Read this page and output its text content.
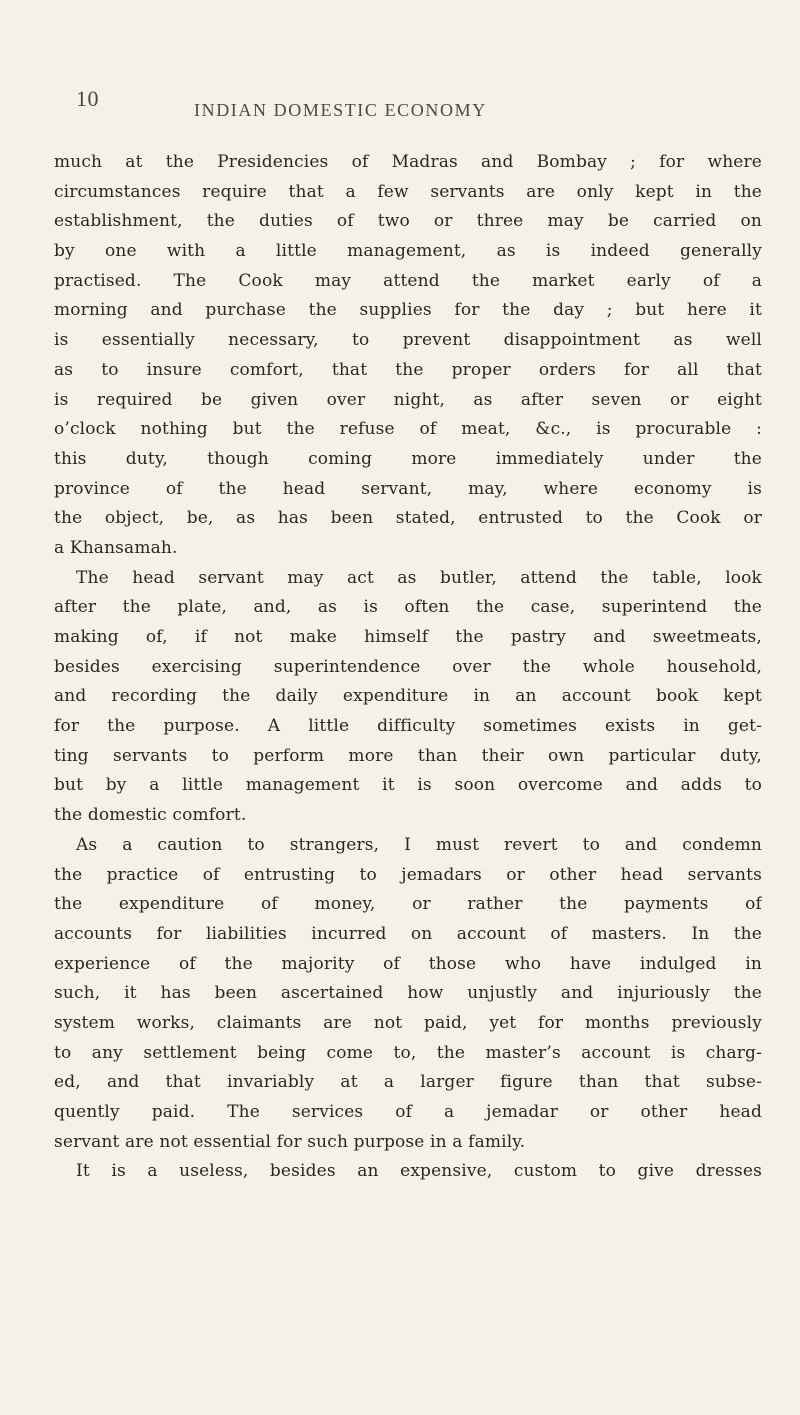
10	INDIAN DOMESTIC ECONOMY
much at the Presidencies of Madras and Bombay ; for where
circumstances require that a few servants are only kept in the
establishment, the duties of two or three may be carried on
by one with a little management, as is indeed generally
practised. The Cook may attend the market early of a
morning and purchase the supplies for the day ; but here it
is essentially necessary, to prevent disappointment as well
as to insure comfort, that the proper orders for all that
is required be given over night, as after seven or eight
o’clock nothing but the refuse of meat, &c., is procurable :
this duty, though coming more immediately under the
province of the head servant, may, where economy is
the object, be, as has been stated, entrusted to the Cook or
a Khansamah.
The head servant may act as butler, attend the table, look
after the plate, and, as is often the case, superintend the
making of, if not make himself the pastry and sweetmeats,
besides exercising superintendence over the whole household,
and recording the daily expenditure in an account book kept
for the purpose. A little difficulty sometimes exists in get-
ting servants to perform more than their own particular duty,
but by a little management it is soon overcome and adds to
the domestic comfort.
As a caution to strangers, I must revert to and condemn
the practice of entrusting to jemadars or other head servants
the expenditure of money, or rather the payments of
accounts for liabilities incurred on account of masters. In the
experience of the majority of those who have indulged in
such, it has been ascertained how unjustly and injuriously the
system works, claimants are not paid, yet for months previously
to any settlement being come to, the master’s account is charg-
ed, and that invariably at a larger figure than that subse-
quently paid. The services of a jemadar or other head
servant are not essential for such purpose in a family.
It is a useless, besides an expensive, custom to give dresses
